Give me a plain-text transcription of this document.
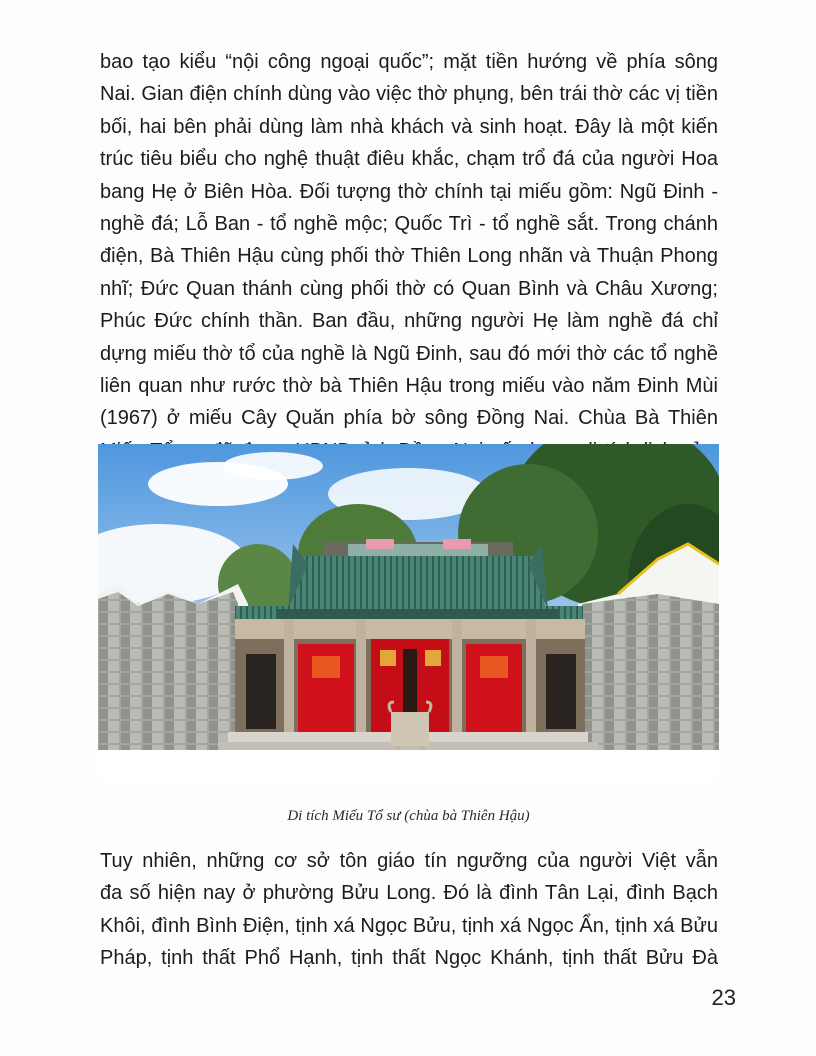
bao tạo kiểu “nội công ngoại quốc”; mặt tiền hướng về phía sông
Nai. Gian điện chính dùng vào việc thờ phụng, bên trái thờ các vị tiền
bối, hai bên phải dùng làm nhà khách và sinh hoạt. Đây là một kiến
trúc tiêu biểu cho nghệ thuật điêu khắc, chạm trổ đá của người Hoa
bang Hẹ ở Biên Hòa. Đối tượng thờ chính tại miếu gồm: Ngũ Đinh -
nghề đá; Lỗ Ban - tổ nghề mộc; Quốc Trì - tổ nghề sắt. Trong chánh
điện, Bà Thiên Hậu cùng phối thờ Thiên Long nhãn và Thuận Phong
nhĩ; Đức Quan thánh cùng phối thờ có Quan Bình và Châu Xương;
Phúc Đức chính thần. Ban đầu, những người Hẹ làm nghề đá chỉ
dựng miếu thờ tổ của nghề là Ngũ Đinh, sau đó mới thờ các tổ nghề
liên quan như rước thờ bà Thiên Hậu trong miếu vào năm Đinh Mùi
(1967) ở miếu Cây Quăn phía bờ sông Đồng Nai. Chùa Bà Thiên

Di tích Miếu Tổ sư (chùa bà Thiên Hậu)

Tuy nhiên, những cơ sở tôn giáo tín ngưỡng của người Việt vẫn
đa số hiện nay ở phường Bửu Long. Đó là đình Tân Lại, đình Bạch
Khôi, đình Bình Điện, tịnh xá Ngọc Bửu, tịnh xá Ngọc Ẩn, tịnh xá Bửu
Pháp, tịnh thất Phổ Hạnh, tịnh thất Ngọc Khánh, tịnh thất Bửu Đà

23
